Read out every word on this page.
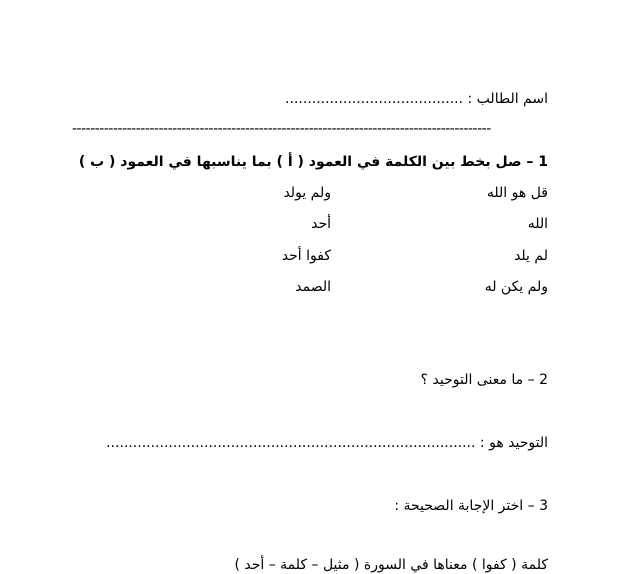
اسم الطالب : ........................................
--------------------------------------------------------------------------------------------
1 – صل بخط بين الكلمة في العمود ( أ ) بما يناسبها في العمود ( ب )
قل هو الله
ولم يولد
الله
أحد
لم يلد
كفوا أحد
ولم يكن له
الصمد
2 – ما معنى التوحيد ؟
التوحيد هو : ...................................................................................
3 – اختر الإجابة الصحيحة :
كلمة ( كفوا ) معناها في السورة ( مثيل – كلمة – أحد )
